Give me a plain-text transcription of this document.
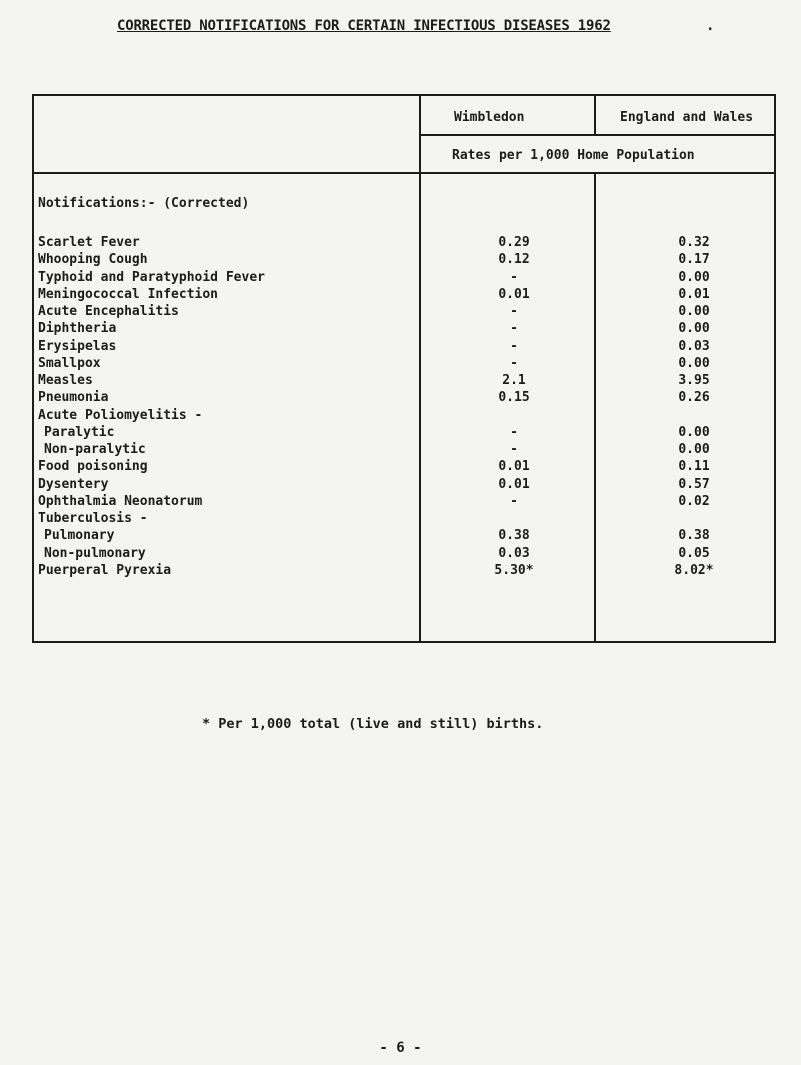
CORRECTED NOTIFICATIONS FOR CERTAIN INFECTIOUS DISEASES 1962	.
Wimbledon	England and Wales
Rates per 1,000 Home Population
Notifications:- (Corrected)
Scarlet Fever	0.29	0.32
Whooping Cough	0.12	0.17
Typhoid and Paratyphoid Fever	-	0.00
Meningococcal Infection	0.01	0.01
Acute Encephalitis	-	0.00
Diphtheria	-	0.00
Erysipelas	-	0.03
Smallpox	-	0.00
Measles	2.1	3.95
Pneumonia	0.15	0.26
Acute Poliomyelitis -
Paralytic	-	0.00
Non-paralytic	-	0.00
Food poisoning	0.01	0.11
Dysentery	0.01	0.57
Ophthalmia Neonatorum	-	0.02
Tuberculosis -
Pulmonary	0.38	0.38
Non-pulmonary	0.03	0.05
Puerperal Pyrexia	5.30*	8.02*
* Per 1,000 total (live and still) births.
- 6 -
